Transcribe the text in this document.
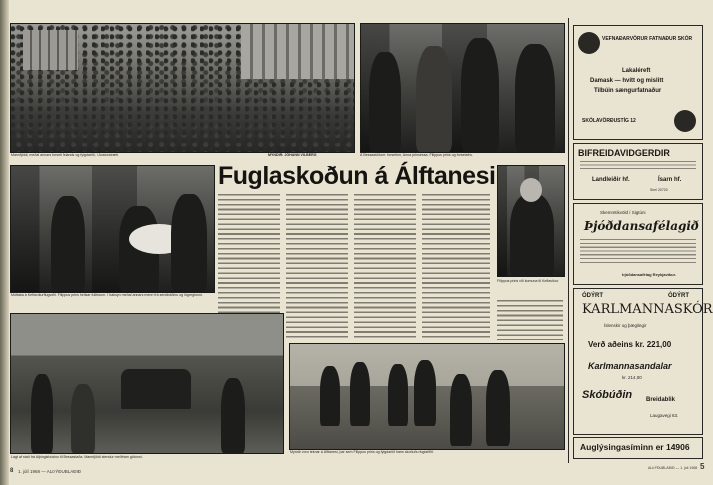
Mannfjöldi, meðal annars forseti Íslands og fylgdarlið, í Austurstræti.	MYNDIR: JÓHANN VILBERG	Á Bessastöðum: forsetinn, Anna prinsessa, Filippus prins og forsetafrú.
Móttaka á Keflavíkurflugvelli. Filippus prins heilsar fulltrúum. Í baksýn meðal annars menn frá sendiráðinu og lögreglunni.
Fuglaskoðun á Álftanesi
Filippus prins við komuna til Keflavíkur.
Lagt af stað frá Alþingishúsinu til Bessastaða. Mannfjöldi stendur meðfram götunni.
Myndir voru teknar á Álftanesi, þar sem Filippus prins og fylgdarlið hans skoðuðu fuglalífið.
8 1. júlí 1968 — ALÞÝÐUBLAÐIÐ
ALÞÝÐUBLAÐIÐ — 1. júlí 1968 5
VEFNAÐARVÖRUR FATNAÐUR SKÓR
Lakaléreft
Damask — hvítt og mislitt
Tilbúin sængurfatnaður
SKÓLAVÖRÐUSTÍG 12
BIFREIDAVIDGERDIR
Landleiðir hf.	Ísarn hf.
Sími 20720
Skemmtikvöld í Sigtúni
Þjóðdansafélagið
Þjóðdansafélag Reykjavíkur.
ÓDÝRT	ÓDÝRT
KARLMANNASKÓR
Íslenskir og þægilegir
Verð aðeins kr. 221,00
Karlmannasandalar
kr. 214,00
Skóbúðin Breidablik
Laugavegi 63.
Auglýsingasíminn er 14906
